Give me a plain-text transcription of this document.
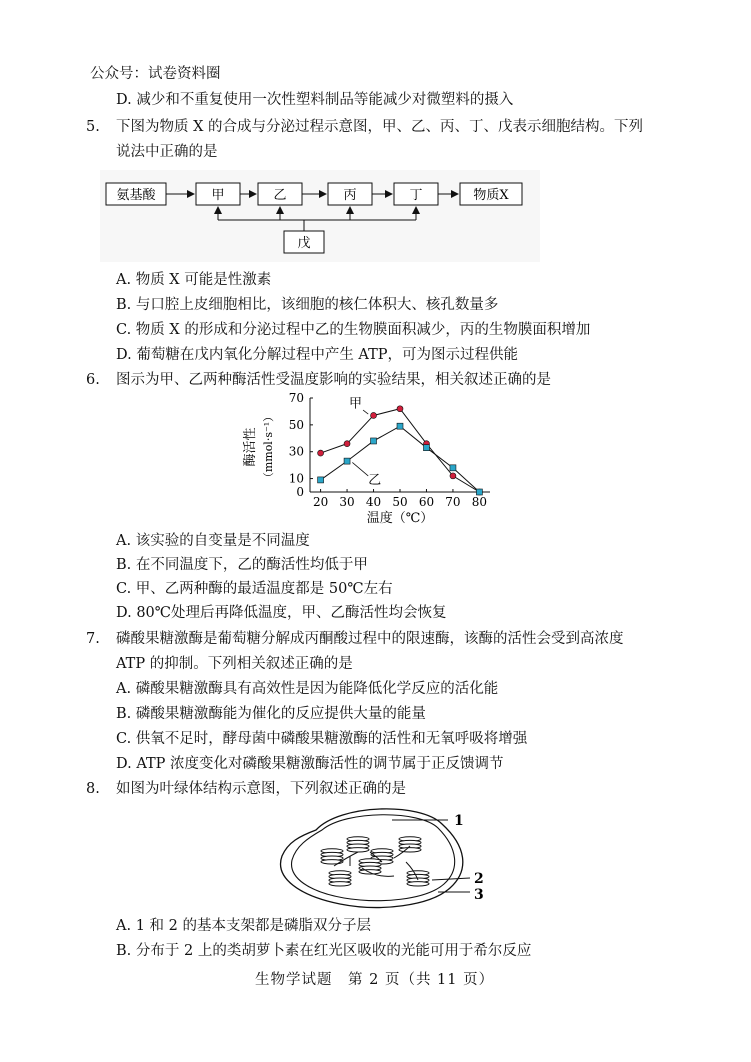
公众号：试卷资料圈
D. 减少和不重复使用一次性塑料制品等能减少对微塑料的摄入
5. 下图为物质 X 的合成与分泌过程示意图，甲、乙、丙、丁、戊表示细胞结构。下列
说法中正确的是
氨基酸	甲	乙	丙	丁	物质X
戊
A. 物质 X 可能是性激素
B. 与口腔上皮细胞相比，该细胞的核仁体积大、核孔数量多
C. 物质 X 的形成和分泌过程中乙的生物膜面积减少，丙的生物膜面积增加
D. 葡萄糖在戊内氧化分解过程中产生 ATP，可为图示过程供能
6. 图示为甲、乙两种酶活性受温度影响的实验结果，相关叙述正确的是
酶活性 （mmol·s⁻¹）
温度（℃）
20 30 40 50 60 70 80
0
10
30
50
70	甲
乙
A. 该实验的自变量是不同温度
B. 在不同温度下，乙的酶活性均低于甲
C. 甲、乙两种酶的最适温度都是 50℃左右
D. 80℃处理后再降低温度，甲、乙酶活性均会恢复
7. 磷酸果糖激酶是葡萄糖分解成丙酮酸过程中的限速酶，该酶的活性会受到高浓度
ATP 的抑制。下列相关叙述正确的是
A. 磷酸果糖激酶具有高效性是因为能降低化学反应的活化能
B. 磷酸果糖激酶能为催化的反应提供大量的能量
C. 供氧不足时，酵母菌中磷酸果糖激酶的活性和无氧呼吸将增强
D. ATP 浓度变化对磷酸果糖激酶活性的调节属于正反馈调节
8. 如图为叶绿体结构示意图，下列叙述正确的是
1
2
3
A. 1 和 2 的基本支架都是磷脂双分子层
B. 分布于 2 上的类胡萝卜素在红光区吸收的光能可用于希尔反应
生物学试题　第 2 页（共 11 页）
